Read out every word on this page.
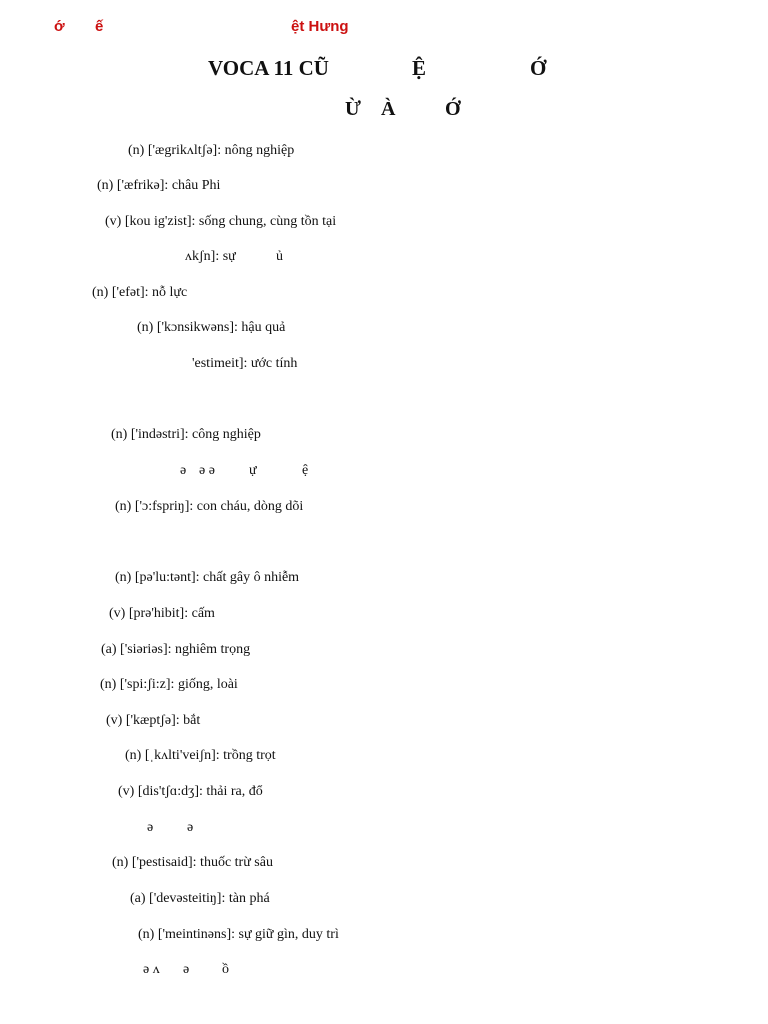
ớ ế	ệt Hưng
VOCA 11 CŨ	Ệ	Ớ
Ừ À Ớ
(n) ['ægrikʌltʃə]: nông nghiệp
(n) ['æfrikə]: châu Phi
(v) [kou ig'zist]: sống chung, cùng tồn tại
ʌkʃn]: sự	ủ
(n) ['efət]: nỗ lực
(n) ['kɔnsikwəns]: hậu quả
'estimeit]: ước tính
(n) ['indəstri]: công nghiệp
ə ə ə ự	ệ
(n) ['ɔ:fspriŋ]: con cháu, dòng dõi
(n) [pə'lu:tənt]: chất gây ô nhiễm
(v) [prə'hibit]: cấm
(a) ['siəriəs]: nghiêm trọng
(n) ['spi:ʃi:z]: giống, loài
(v) ['kæptʃə]: bắt
(n) [ˌkʌlti'veiʃn]: trồng trọt
(v) [dis'tʃɑ:dʒ]: thải ra, đổ
ə ə
(n) ['pestisaid]: thuốc trừ sâu
(a) ['devəsteitiŋ]: tàn phá
(n) ['meintinəns]: sự giữ gìn, duy trì
ə ʌ ə ồ
